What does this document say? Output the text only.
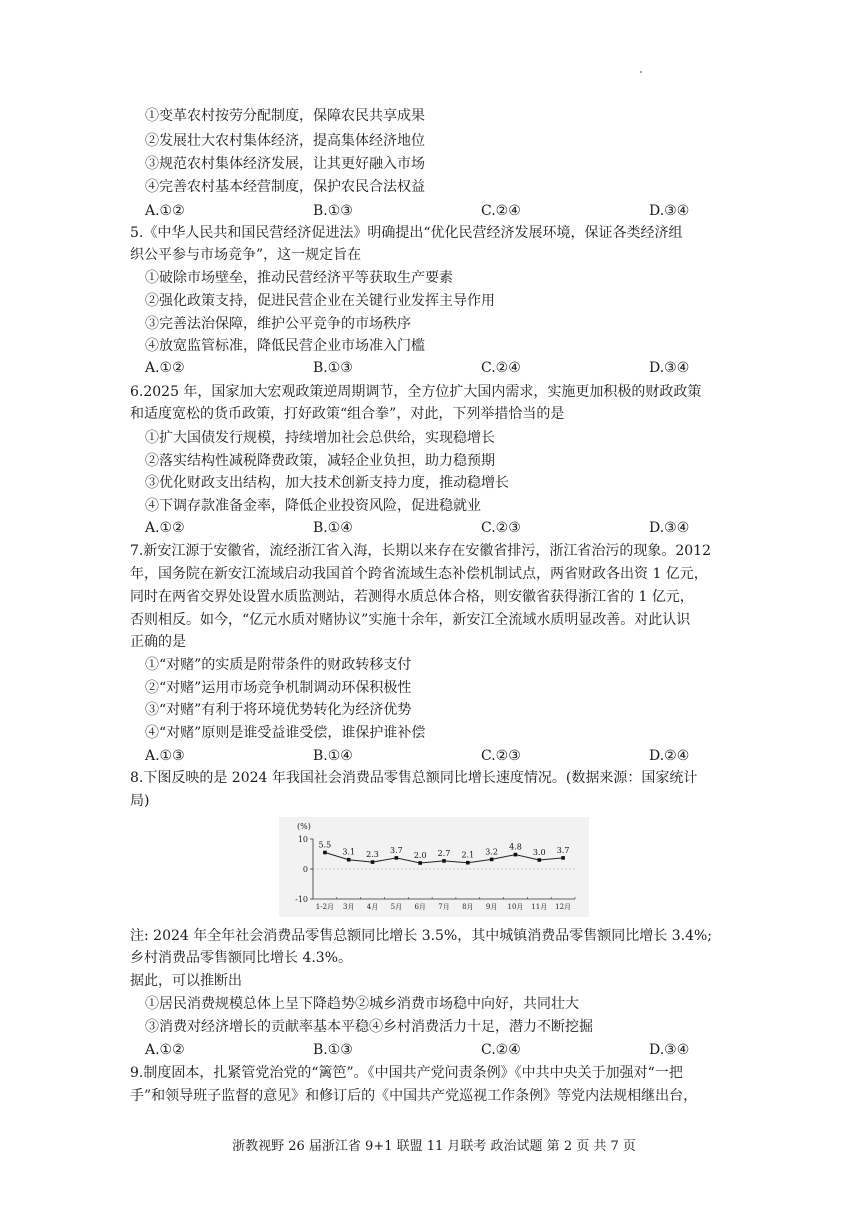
①变革农村按劳分配制度，保障农民共享成果
②发展壮大农村集体经济，提高集体经济地位
③规范农村集体经济发展，让其更好融入市场
④完善农村基本经营制度，保护农民合法权益
A.①②	B.①③	C.②④	D.③④
5.《中华人民共和国民营经济促进法》明确提出“优化民营经济发展环境，保证各类经济组
织公平参与市场竞争”，这一规定旨在
①破除市场壁垒，推动民营经济平等获取生产要素
②强化政策支持，促进民营企业在关键行业发挥主导作用
③完善法治保障，维护公平竞争的市场秩序
④放宽监管标准，降低民营企业市场准入门槛
A.①②	B.①③	C.②④	D.③④
6.2025 年，国家加大宏观政策逆周期调节，全方位扩大国内需求，实施更加积极的财政政策
和适度宽松的货币政策，打好政策“组合拳”，对此，下列举措恰当的是
①扩大国债发行规模，持续增加社会总供给，实现稳增长
②落实结构性减税降费政策，减轻企业负担，助力稳预期
③优化财政支出结构，加大技术创新支持力度，推动稳增长
④下调存款准备金率，降低企业投资风险，促进稳就业
A.①②	B.①④	C.②③	D.③④
7.新安江源于安徽省，流经浙江省入海，长期以来存在安徽省排污，浙江省治污的现象。2012
年，国务院在新安江流域启动我国首个跨省流域生态补偿机制试点，两省财政各出资 1 亿元，
同时在两省交界处设置水质监测站，若测得水质总体合格，则安徽省获得浙江省的 1 亿元，
否则相反。如今，“亿元水质对赌协议”实施十余年，新安江全流域水质明显改善。对此认识
正确的是
①“对赌”的实质是附带条件的财政转移支付
②“对赌”运用市场竞争机制调动环保积极性
③“对赌”有利于将环境优势转化为经济优势
④“对赌”原则是谁受益谁受偿，谁保护谁补偿
A.①③	B.①④	C.②③	D.②④
8.下图反映的是 2024 年我国社会消费品零售总额同比增长速度情况。(数据来源：国家统计
局)
(%)
10
0
-10
1-2月 3月 4月 5月 6月 7月 8月 9月 10月 11月 12月
5.5
3.1 2.3 3.7
2.0 2.7 2.1 3.2
4.8
3.0 3.7
注: 2024 年全年社会消费品零售总额同比增长 3.5%，其中城镇消费品零售额同比增长 3.4%;
乡村消费品零售额同比增长 4.3%。
据此，可以推断出
①居民消费规模总体上呈下降趋势②城乡消费市场稳中向好，共同壮大
③消费对经济增长的贡献率基本平稳④乡村消费活力十足，潜力不断挖掘
A.①②	B.①③	C.②④	D.③④
9.制度固本，扎紧管党治党的“篱笆”。《中国共产党问责条例》《中共中央关于加强对“一把
手”和领导班子监督的意见》和修订后的《中国共产党巡视工作条例》等党内法规相继出台，
浙教视野 26 届浙江省 9+1 联盟 11 月联考 政治试题 第 2 页 共 7 页
